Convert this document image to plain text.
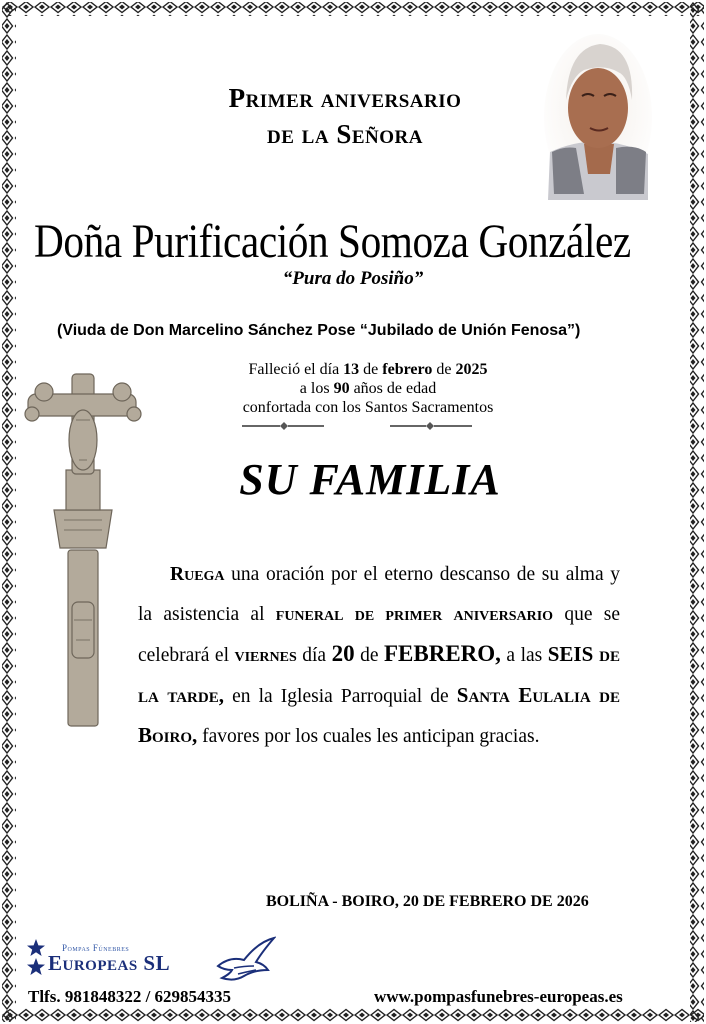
Primer aniversario
de la Señora
Doña Purificación Somoza González
“Pura do Posiño”
(Viuda de Don Marcelino Sánchez Pose “Jubilado de Unión Fenosa”)
Falleció el día 13 de febrero de 2025
a los 90 años de edad
confortada con los Santos Sacramentos
SU FAMILIA
Ruega una oración por el eterno descanso de su alma y la asistencia al funeral de primer aniversario que se celebrará el viernes día 20 de FEBRERO, a las SEIS de la tarde, en la Iglesia Parroquial de Santa Eulalia de Boiro, favores por los cuales les anticipan gracias.
BOLIÑA - BOIRO, 20 DE FEBRERO DE 2026
Pompas Fúnebres
Europeas SL
Tlfs. 981848322 / 629854335	www.pompasfunebres-europeas.es
